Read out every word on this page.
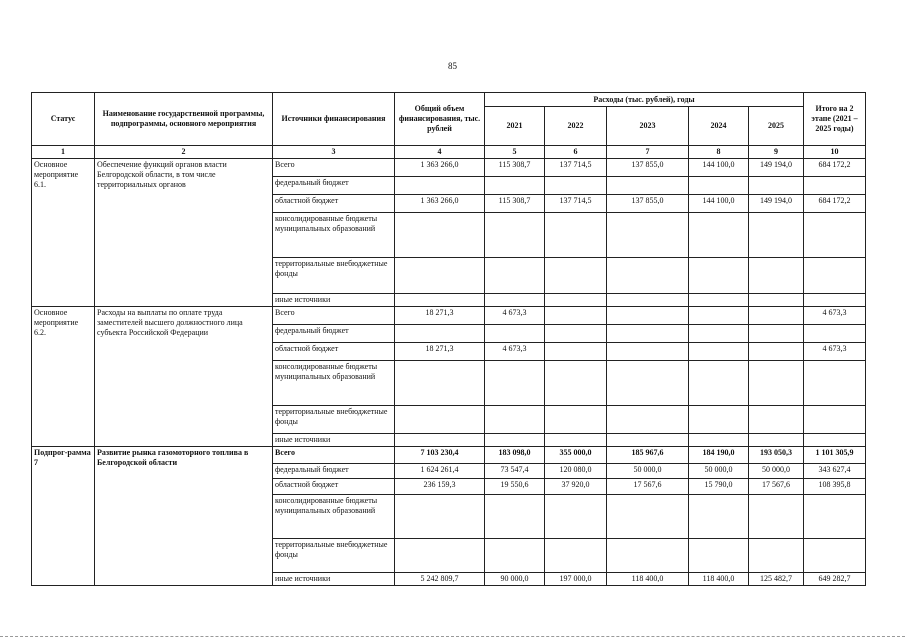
85
Статус	Наименование государственной программы, подпрограммы, основного мероприятия	Источники финансирования	Общий объем финансирования, тыс. рублей	Расходы (тыс. рублей), годы					Итого на 2 этапе (2021 – 2025 годы)
				2021	2022	2023	2024	2025	
1	2	3	4	5	6	7	8	9	10
Основное мероприятие 6.1.	Обеспечение функций органов власти Белгородской области, в том числе территориальных органов	Всего	1 363 266,0	115 308,7	137 714,5	137 855,0	144 100,0	149 194,0	684 172,2
		федеральный бюджет							
		областной бюджет	1 363 266,0	115 308,7	137 714,5	137 855,0	144 100,0	149 194,0	684 172,2
		консолидированные бюджеты муниципальных образований							
		территориальные внебюджетные фонды							
		иные источники							
Основное мероприятие 6.2.	Расходы на выплаты по оплате труда заместителей высшего должностного лица субъекта Российской Федерации	Всего	18 271,3	4 673,3					4 673,3
		федеральный бюджет							
		областной бюджет	18 271,3	4 673,3					4 673,3
		консолидированные бюджеты муниципальных образований							
		территориальные внебюджетные фонды							
		иные источники							
Подпрог-рамма 7	Развитие рынка газомоторного топлива в Белгородской области	Всего	7 103 230,4	183 098,0	355 000,0	185 967,6	184 190,0	193 050,3	1 101 305,9
		федеральный бюджет	1 624 261,4	73 547,4	120 080,0	50 000,0	50 000,0	50 000,0	343 627,4
		областной бюджет	236 159,3	19 550,6	37 920,0	17 567,6	15 790,0	17 567,6	108 395,8
		консолидированные бюджеты муниципальных образований							
		территориальные внебюджетные фонды							
		иные источники	5 242 809,7	90 000,0	197 000,0	118 400,0	118 400,0	125 482,7	649 282,7
